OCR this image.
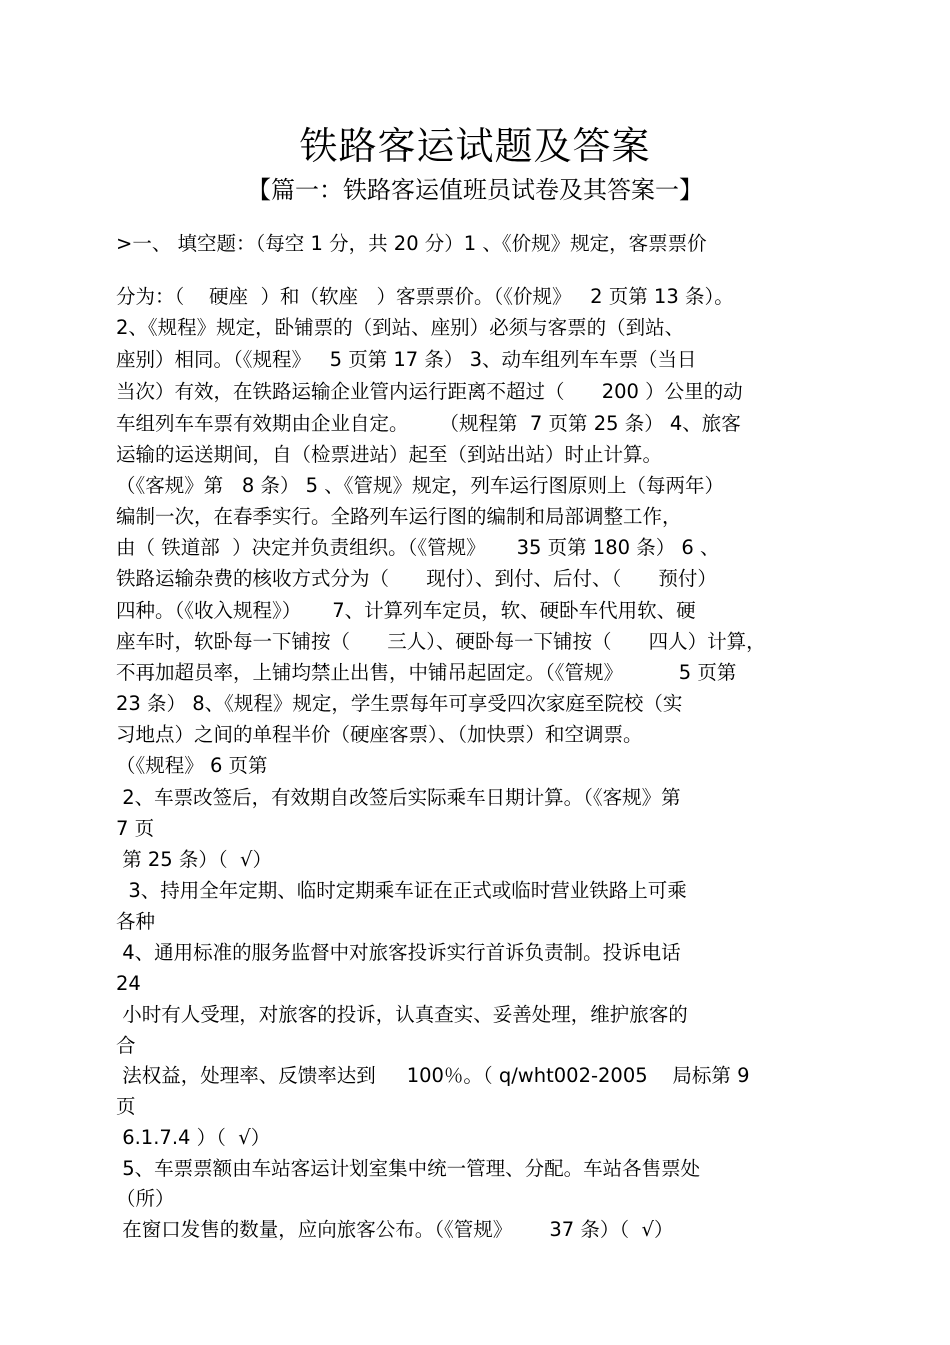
铁路客运试题及答案
【篇一：铁路客运值班员试卷及其答案一】
>一、 填空题：（每空 1 分，共 20 分）1 、《价规》规定，客票票价
分为：（    硬座  ）和（软座   ）客票票价。（《价规》   2 页第 13 条）。
2、《规程》规定，卧铺票的（到站、座别）必须与客票的（到站、
座别）相同。（《规程》   5 页第 17 条） 3、动车组列车车票（当日
当次）有效，在铁路运输企业管内运行距离不超过（      200 ）公里的动
车组列车车票有效期由企业自定。     （规程第  7 页第 25 条） 4、旅客
运输的运送期间，自（检票进站）起至（到站出站）时止计算。
（《客规》第   8 条） 5 、《管规》规定，列车运行图原则上（每两年）
编制一次，在春季实行。全路列车运行图的编制和局部调整工作，
由（ 铁道部  ）决定并负责组织。（《管规》     35 页第 180 条） 6 、
铁路运输杂费的核收方式分为（      现付）、到付、后付、（      预付）
四种。（《收入规程》）     7、计算列车定员，软、硬卧车代用软、硬
座车时，软卧每一下铺按（      三人）、硬卧每一下铺按（      四人）计算，
不再加超员率，上铺均禁止出售，中铺吊起固定。（《管规》         5 页第
23 条） 8、《规程》规定，学生票每年可享受四次家庭至院校（实
习地点）之间的单程半价（硬座客票）、（加快票）和空调票。
（《规程》 6 页第
2、车票改签后，有效期自改签后实际乘车日期计算。（《客规》第
7 页
第 25 条）（  √）
3、持用全年定期、临时定期乘车证在正式或临时营业铁路上可乘
各种
4、通用标准的服务监督中对旅客投诉实行首诉负责制。投诉电话
24
小时有人受理，对旅客的投诉，认真查实、妥善处理，维护旅客的
合
法权益，处理率、反馈率达到     100％。（ q/wht002-2005    局标第 9
页
6.1.7.4 ）（  √）
5、车票票额由车站客运计划室集中统一管理、分配。车站各售票处
（所）
在窗口发售的数量，应向旅客公布。（《管规》      37 条）（  √）
